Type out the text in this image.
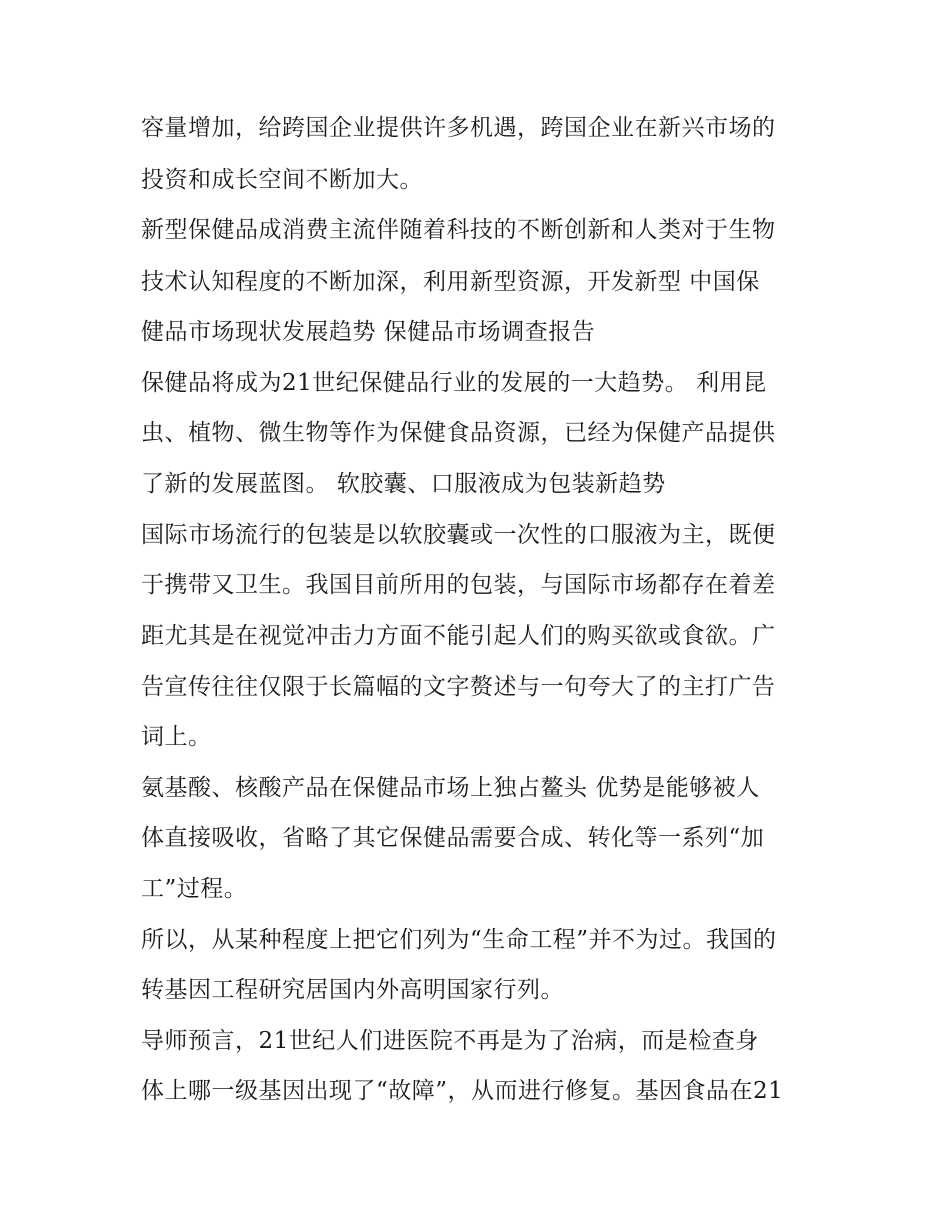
容量增加，给跨国企业提供许多机遇，跨国企业在新兴市场的
投资和成长空间不断加大。
新型保健品成消费主流伴随着科技的不断创新和人类对于生物
技术认知程度的不断加深，利用新型资源，开发新型 中国保
健品市场现状发展趋势 保健品市场调查报告
保健品将成为21世纪保健品行业的发展的一大趋势。 利用昆
虫、植物、微生物等作为保健食品资源，已经为保健产品提供
了新的发展蓝图。 软胶囊、口服液成为包装新趋势
国际市场流行的包装是以软胶囊或一次性的口服液为主，既便
于携带又卫生。我国目前所用的包装，与国际市场都存在着差
距尤其是在视觉冲击力方面不能引起人们的购买欲或食欲。广
告宣传往往仅限于长篇幅的文字赘述与一句夸大了的主打广告
词上。
氨基酸、核酸产品在保健品市场上独占鳌头 优势是能够被人
体直接吸收，省略了其它保健品需要合成、转化等一系列“加
工”过程。
所以，从某种程度上把它们列为“生命工程”并不为过。我国的
转基因工程研究居国内外高明国家行列。
导师预言，21世纪人们进医院不再是为了治病，而是检查身
体上哪一级基因出现了“故障”，从而进行修复。基因食品在21
